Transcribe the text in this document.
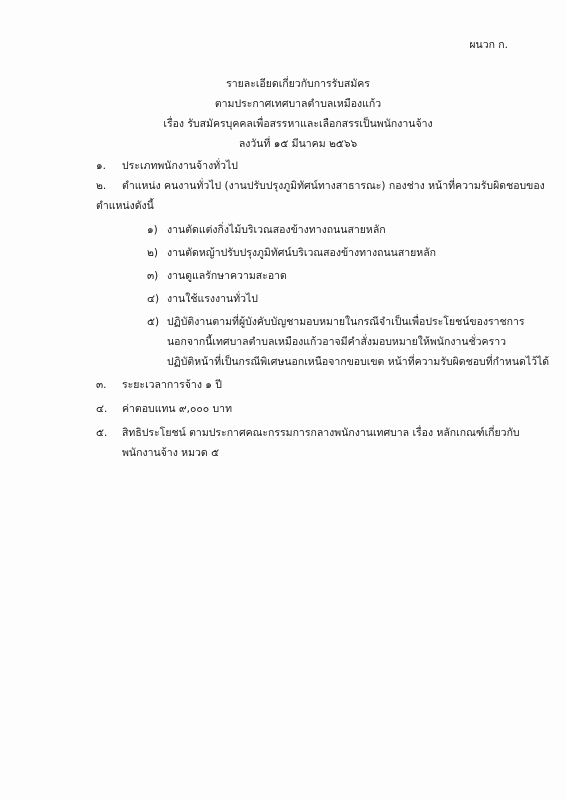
ผนวก ก.
รายละเอียดเกี่ยวกับการรับสมัคร
ตามประกาศเทศบาลตำบลเหมืองแก้ว
เรื่อง รับสมัครบุคคลเพื่อสรรหาและเลือกสรรเป็นพนักงานจ้าง
ลงวันที่ ๑๕ มีนาคม ๒๕๖๖
๑. ประเภทพนักงานจ้างทั่วไป
๒. ตำแหน่ง คนงานทั่วไป (งานปรับปรุงภูมิทัศน์ทางสาธารณะ) กองช่าง หน้าที่ความรับผิดชอบของ
ตำแหน่งดังนี้
๑) งานตัดแต่งกิ่งไม้บริเวณสองข้างทางถนนสายหลัก
๒) งานตัดหญ้าปรับปรุงภูมิทัศน์บริเวณสองข้างทางถนนสายหลัก
๓) งานดูแลรักษาความสะอาด
๔) งานใช้แรงงานทั่วไป
๕) ปฏิบัติงานตามที่ผู้บังคับบัญชามอบหมายในกรณีจำเป็นเพื่อประโยชน์ของราชการ
นอกจากนี้เทศบาลตำบลเหมืองแก้วอาจมีคำสั่งมอบหมายให้พนักงานชั่วคราว
ปฏิบัติหน้าที่เป็นกรณีพิเศษนอกเหนือจากขอบเขต หน้าที่ความรับผิดชอบที่กำหนดไว้ได้
๓. ระยะเวลาการจ้าง ๑ ปี
๔. ค่าตอบแทน ๙,๐๐๐ บาท
๕. สิทธิประโยชน์ ตามประกาศคณะกรรมการกลางพนักงานเทศบาล เรื่อง หลักเกณฑ์เกี่ยวกับ
พนักงานจ้าง หมวด ๕
